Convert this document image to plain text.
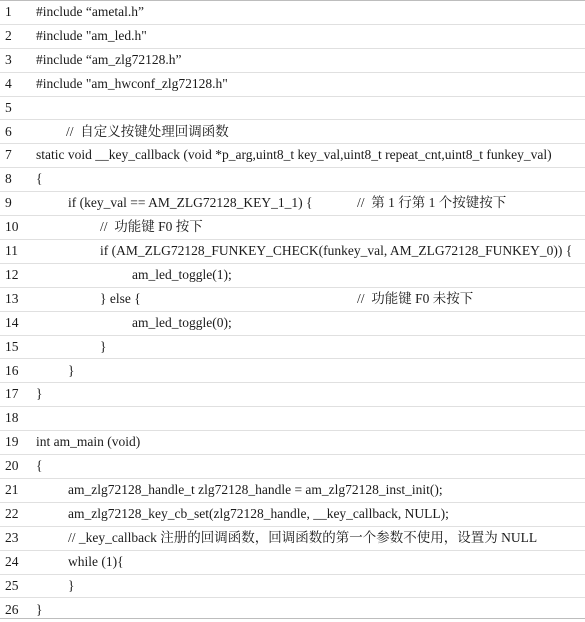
1 #include “ametal.h”
2 #include "am_led.h"
3 #include “am_zlg72128.h”
4 #include "am_hwconf_zlg72128.h"
5
6	//  自定义按键处理回调函数
7 static void __key_callback (void *p_arg,uint8_t key_val,uint8_t repeat_cnt,uint8_t funkey_val)
8 {
9	if (key_val == AM_ZLG72128_KEY_1_1) {	//  第 1 行第 1 个按键按下
10	//  功能键 F0 按下
11	if (AM_ZLG72128_FUNKEY_CHECK(funkey_val, AM_ZLG72128_FUNKEY_0)) {
12	am_led_toggle(1);
13	} else {	//  功能键 F0 未按下
14	am_led_toggle(0);
15	}
16	}
17 }
18
19 int am_main (void)
20 {
21	am_zlg72128_handle_t zlg72128_handle = am_zlg72128_inst_init();
22	am_zlg72128_key_cb_set(zlg72128_handle, __key_callback, NULL);
23	// _key_callback 注册的回调函数，回调函数的第一个参数不使用，设置为 NULL
24	while (1){
25	}
26 }
